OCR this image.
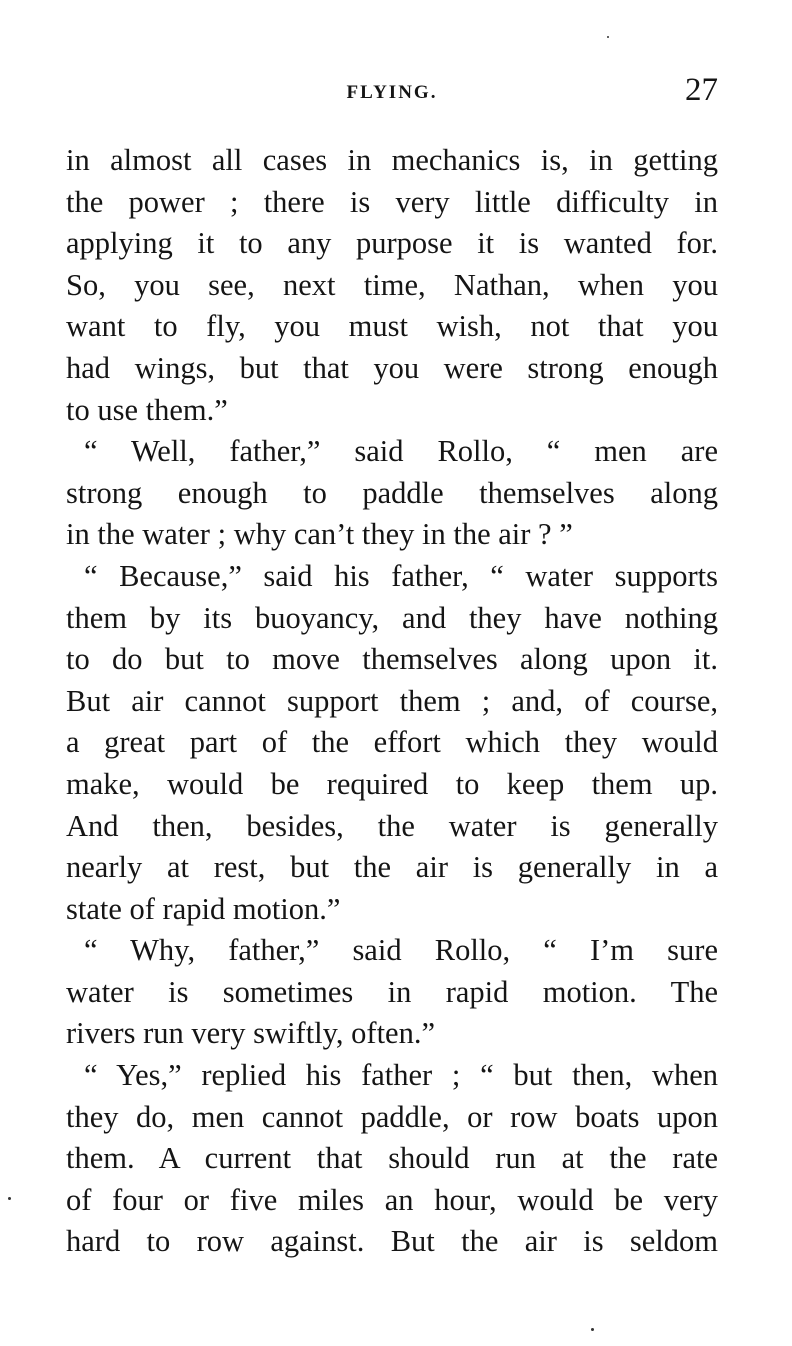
FLYING.	27
in almost all cases in mechanics is, in getting
the power ; there is very little difficulty in
applying it to any purpose it is wanted for.
So, you see, next time, Nathan, when you
want to fly, you must wish, not that you
had wings, but that you were strong enough
to use them.”
“ Well, father,” said Rollo, “ men are
strong enough to paddle themselves along
in the water ; why can’t they in the air ? ”
“ Because,” said his father, “ water supports
them by its buoyancy, and they have nothing
to do but to move themselves along upon it.
But air cannot support them ; and, of course,
a great part of the effort which they would
make, would be required to keep them up.
And then, besides, the water is generally
nearly at rest, but the air is generally in a
state of rapid motion.”
“ Why, father,” said Rollo, “ I’m sure
water is sometimes in rapid motion. The
rivers run very swiftly, often.”
“ Yes,” replied his father ; “ but then, when
they do, men cannot paddle, or row boats upon
them. A current that should run at the rate
of four or five miles an hour, would be very
hard to row against. But the air is seldom
